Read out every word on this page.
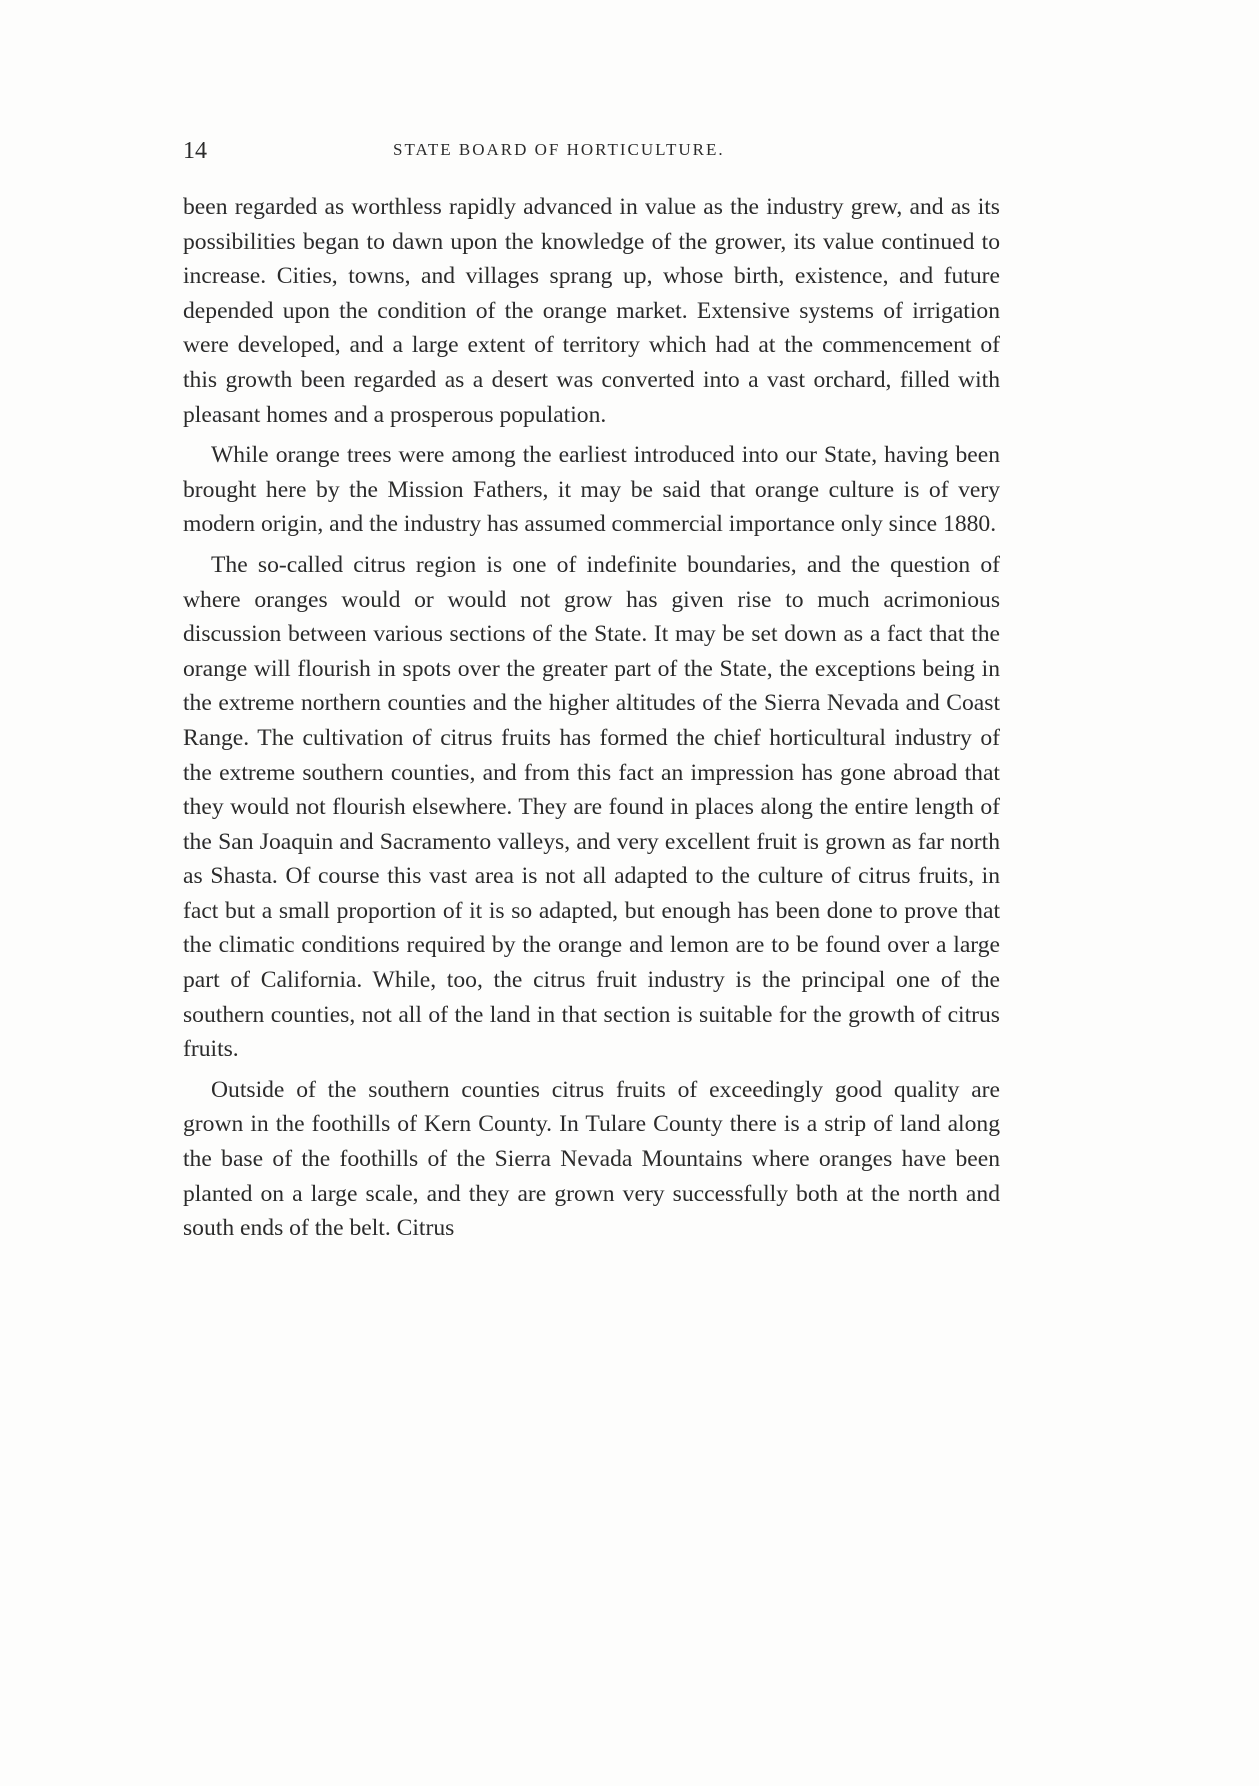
14	STATE BOARD OF HORTICULTURE.

been regarded as worthless rapidly advanced in value as the industry grew, and as its possibilities began to dawn upon the knowledge of the grower, its value continued to increase. Cities, towns, and villages sprang up, whose birth, existence, and future depended upon the condition of the orange market. Extensive systems of irrigation were developed, and a large extent of territory which had at the commencement of this growth been regarded as a desert was converted into a vast orchard, filled with pleasant homes and a prosperous population.

While orange trees were among the earliest introduced into our State, having been brought here by the Mission Fathers, it may be said that orange culture is of very modern origin, and the industry has assumed commercial importance only since 1880.

The so-called citrus region is one of indefinite boundaries, and the question of where oranges would or would not grow has given rise to much acrimonious discussion between various sections of the State. It may be set down as a fact that the orange will flourish in spots over the greater part of the State, the exceptions being in the extreme northern counties and the higher altitudes of the Sierra Nevada and Coast Range. The cultivation of citrus fruits has formed the chief horticultural industry of the extreme southern counties, and from this fact an impression has gone abroad that they would not flourish elsewhere. They are found in places along the entire length of the San Joaquin and Sacramento valleys, and very excellent fruit is grown as far north as Shasta. Of course this vast area is not all adapted to the culture of citrus fruits, in fact but a small proportion of it is so adapted, but enough has been done to prove that the climatic conditions required by the orange and lemon are to be found over a large part of California. While, too, the citrus fruit industry is the principal one of the southern counties, not all of the land in that section is suitable for the growth of citrus fruits.

Outside of the southern counties citrus fruits of exceedingly good quality are grown in the foothills of Kern County. In Tulare County there is a strip of land along the base of the foothills of the Sierra Nevada Mountains where oranges have been planted on a large scale, and they are grown very successfully both at the north and south ends of the belt. Citrus
